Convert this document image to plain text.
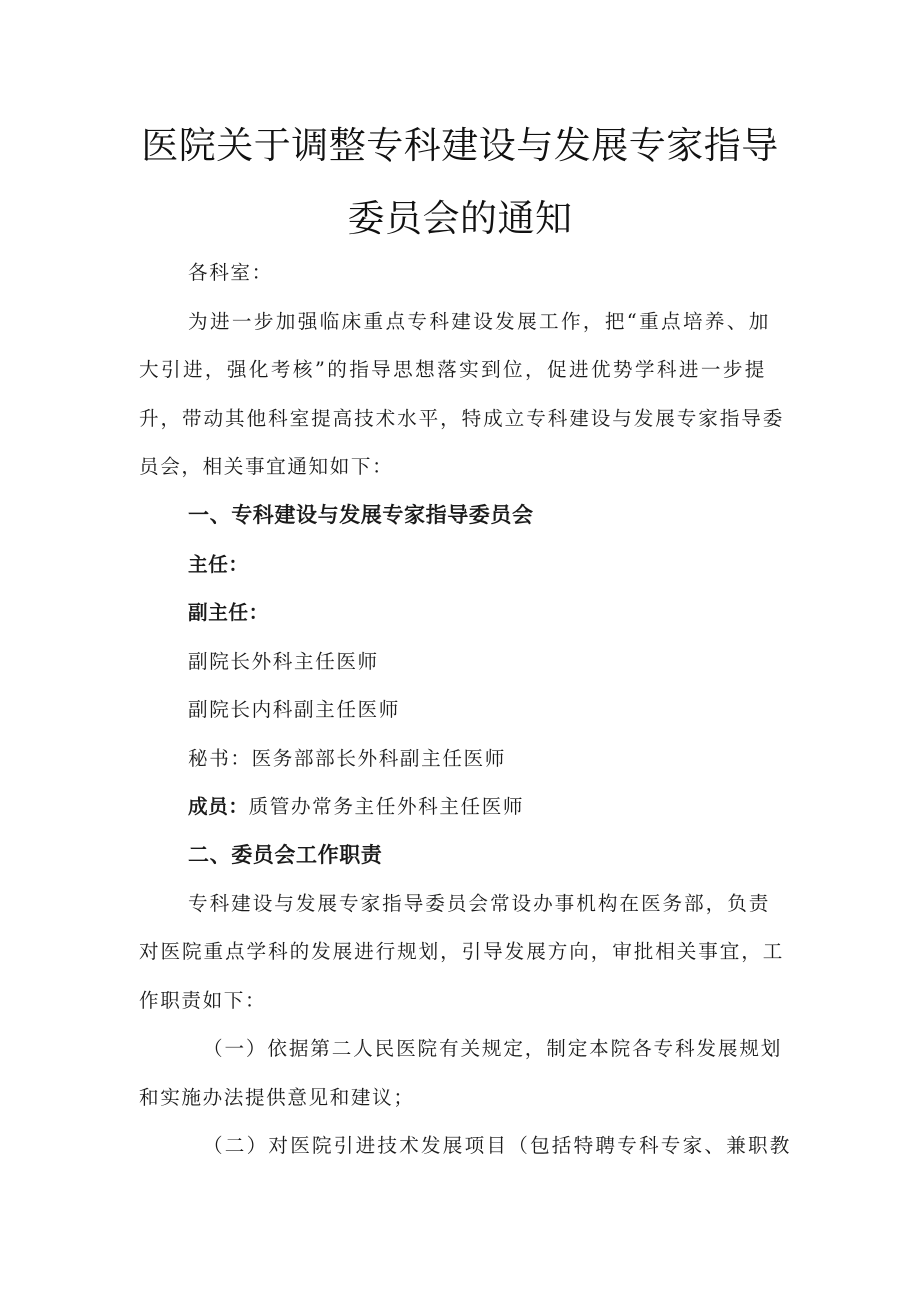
医院关于调整专科建设与发展专家指导
委员会的通知
各科室：
为进一步加强临床重点专科建设发展工作，把“重点培养、加
大引进，强化考核”的指导思想落实到位，促进优势学科进一步提
升，带动其他科室提高技术水平，特成立专科建设与发展专家指导委
员会，相关事宜通知如下：
一、专科建设与发展专家指导委员会
主任：
副主任：
副院长外科主任医师
副院长内科副主任医师
秘书：医务部部长外科副主任医师
成员：质管办常务主任外科主任医师
二、委员会工作职责
专科建设与发展专家指导委员会常设办事机构在医务部，负责
对医院重点学科的发展进行规划，引导发展方向，审批相关事宜，工
作职责如下：
（一）依据第二人民医院有关规定，制定本院各专科发展规划
和实施办法提供意见和建议；
（二）对医院引进技术发展项目（包括特聘专科专家、兼职教
